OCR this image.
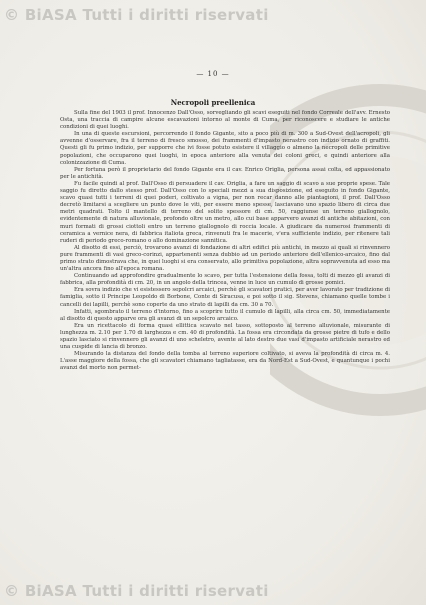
© BiASA Tutti i diritti riservati
— 10 —
Necropoli preellenica

Sulla fine del 1903 il prof. Innocenzo Dall'Osso, sorvegliando gli scavi eseguiti nel fondo Correale dell'avv. Ernesto Osta, una traccia di campire alcune escavazioni intorno al monte di Cuma, per riconoscere e studiare le antiche condizioni di quei luoghi.

In una di queste escursioni, percorrendo il fondo Gigante, sito a poco più di m. 300 a Sud-Ovest dell'acropoli, gli avvenne d'osservare, fra il terreno di fresco smosso, dei frammenti d'impasto nerastro con indizio ornato di graffiti. Questi gli fu primo indizio, per supporre che ivi fosse potuto esistere il villaggio o almeno la necropoli delle primitive popolazioni, che occuparono quei luoghi, in epoca anteriore alla venuta dei coloni greci, e quindi anteriore alla colonizzazione di Cuma.

Per fortuna però il proprietario del fondo Gigante era il cav. Enrico Origlia, persona assai colta, ed appassionato per le antichità.

Fu facile quindi al prof. Dall'Osso di persuadere il cav. Origlia, a fare un saggio di scavo a sue proprie spese. Tale saggio fu diretto dallo stesso prof. Dall'Osso con lo speciali mezzi a sua disposizione, ed eseguito in fondo Gigante, scavo quasi tutti i terreni di quei poderi, coltivato a vigna, per non recar danno alle piantagioni, il prof. Dall'Osso decretò limitarsi a scegliere un punto dove le viti, per essere meno spesse, lasciavano uno spazio libero di circa due metri quadrati. Tolto il mantello di terreno del solito spessore di cm. 50, raggiunse un terreno giallognolo, evidentemente di natura alluvionale, profondo oltre un metro, allo cui base apparvero avanzi di antiche abitazioni, con muri formati di grossi ciottoli entro un terreno giallognolo di roccia locale. A giudicare da numerosi frammenti di ceramica a vernice nera, di fabbrica italiota greca, rinvenuti fra le macerie, v'era sufficiente indizio, per ritenere tali ruderi di periodo greco-romano o allo dominazione sannitica.

Al disotto di essi, perciò, trovarono avanzi di fondazione di altri edifici più antichi, in mezzo ai quali si rinvennero pure frammenti di vasi greco-corinzi, appartenenti senza dubbio ad un periodo anteriore dell'ellenico-arcaico, fino dal primo strato dimostrava che, in quei luoghi si era conservato, allo primitiva popolazione, altra sopravvenuta ad esso ma un'altra ancora fino all'epoca romana.

Continuando ad approfondire gradualmente lo scavo, per tutta l'estensione della fossa, tolti di mezzo gli avanzi di fabbrica, alla profondità di cm. 20, in un angolo della trincea, venne in luce un cumulo di grosse pomici.

Era sovra indizio che vi esistessero sepolcri arcaici, perchè gli scavatori pratici, per aver lavorato per tradizione di famiglia, sotto il Principe Leopoldo di Borbone, Conte di Siracusa, e poi sotto il sig. Stevens, chiamano quelle tombe i cancelli dei lapilli, perchè sono coperte da uno strato di lapilli da cm. 30 a 70.

Infatti, sgombrato il terreno d'intorno, fino a scoprire tutto il cumulo di lapilli, alla circa cm. 50, immediatamente al disotto di questo apparve ora gli avanzi di un sepolcro arcaico.

Era un ricettacolo di forma quasi ellittica scavato nel tasso, sottoposto al terreno alluvionale, misurante di lunghezza m. 2.10 per 1.70 di larghezza e cm. 40 di profondità. La fossa era circondata da grosse pietre di tufo e dello spazio lasciato si rinvennero gli avanzi di uno scheletro, avente al lato destro due vasi d'impasto artificiale nerastro ed una cuspide di lancia di bronzo.

Misurando la distanza del fondo della tomba al terreno superiore coltivato, si aveva la profondità di circa m. 4. L'asse maggiore della fossa, che gli scavatori chiamano tagliatasse, era da Nord-Est a Sud-Ovest, e quantunque i pochi avanzi del morto non permet-

© BiASA Tutti i diritti riservati
